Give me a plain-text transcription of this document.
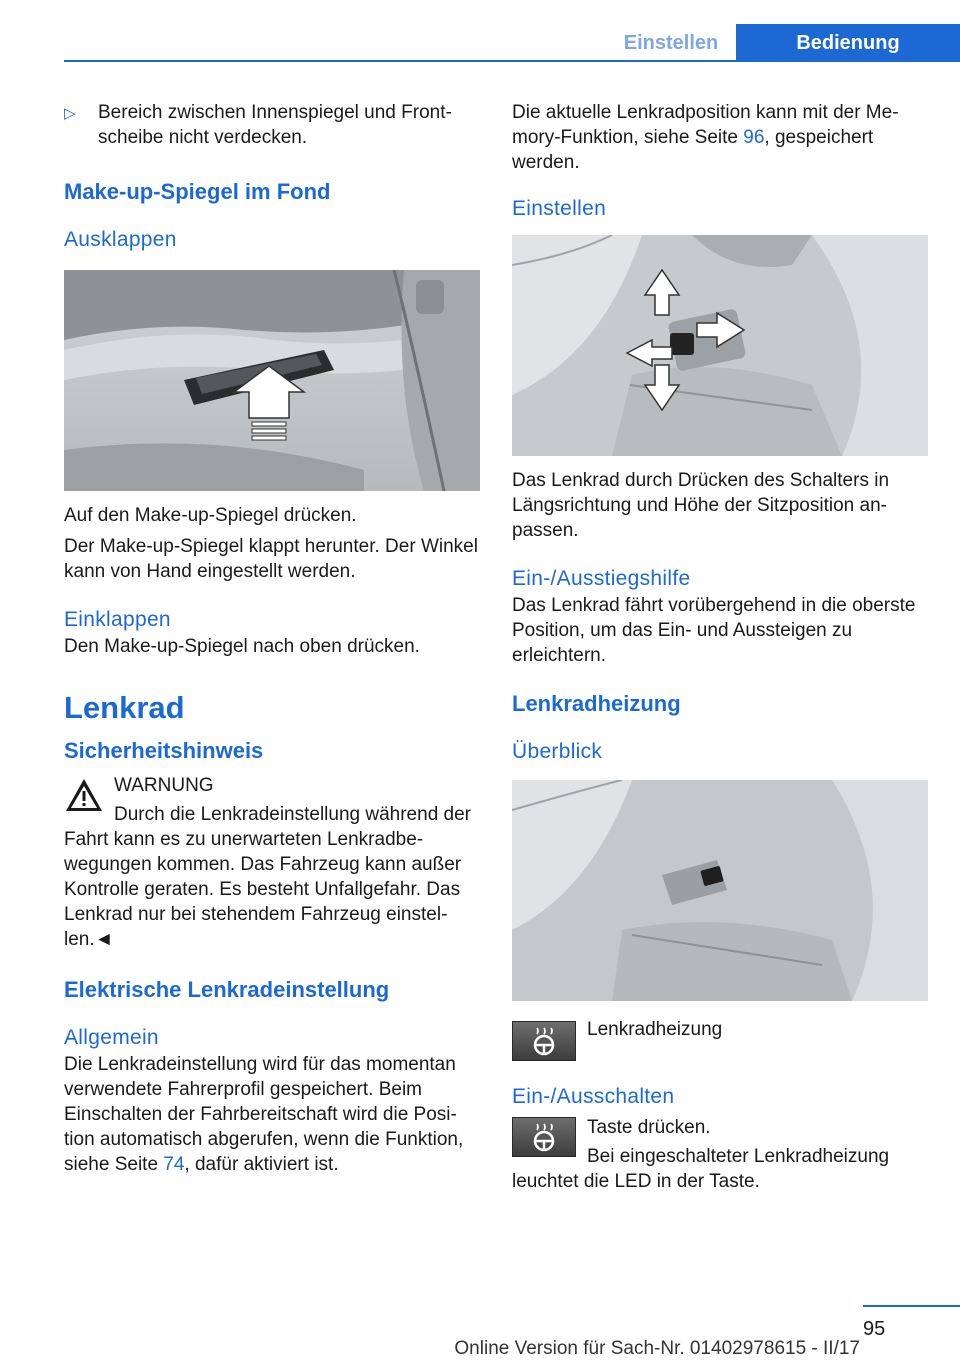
Einstellen	Bedienung
▷	Bereich zwischen Innenspiegel und Frontscheibe nicht verdecken.
Make-up-Spiegel im Fond
Ausklappen

Auf den Make-up-Spiegel drücken.

Der Make-up-Spiegel klappt herunter. Der Winkel kann von Hand eingestellt werden.

Einklappen

Den Make-up-Spiegel nach oben drücken.

Lenkrad
Sicherheitshinweis

WARNUNG

Durch die Lenkradeinstellung während der Fahrt kann es zu unerwarteten Lenkradbewegungen kommen. Das Fahrzeug kann außer Kontrolle geraten. Es besteht Unfallgefahr. Das Lenkrad nur bei stehendem Fahrzeug einstellen.◄

Elektrische Lenkradeinstellung
Allgemein

Die Lenkradeinstellung wird für das momentan verwendete Fahrerprofil gespeichert. Beim Einschalten der Fahrbereitschaft wird die Position automatisch abgerufen, wenn die Funktion, siehe Seite 74, dafür aktiviert ist.

Die aktuelle Lenkradposition kann mit der Memory-Funktion, siehe Seite 96, gespeichert werden.

Einstellen

Das Lenkrad durch Drücken des Schalters in Längsrichtung und Höhe der Sitzposition anpassen.

Ein-/Ausstiegshilfe

Das Lenkrad fährt vorübergehend in die oberste Position, um das Ein- und Aussteigen zu erleichtern.

Lenkradheizung
Überblick

Lenkradheizung

Ein-/Ausschalten

Taste drücken.

Bei eingeschalteter Lenkradheizung leuchtet die LED in der Taste.

95
Online Version für Sach-Nr. 01402978615 - II/17
